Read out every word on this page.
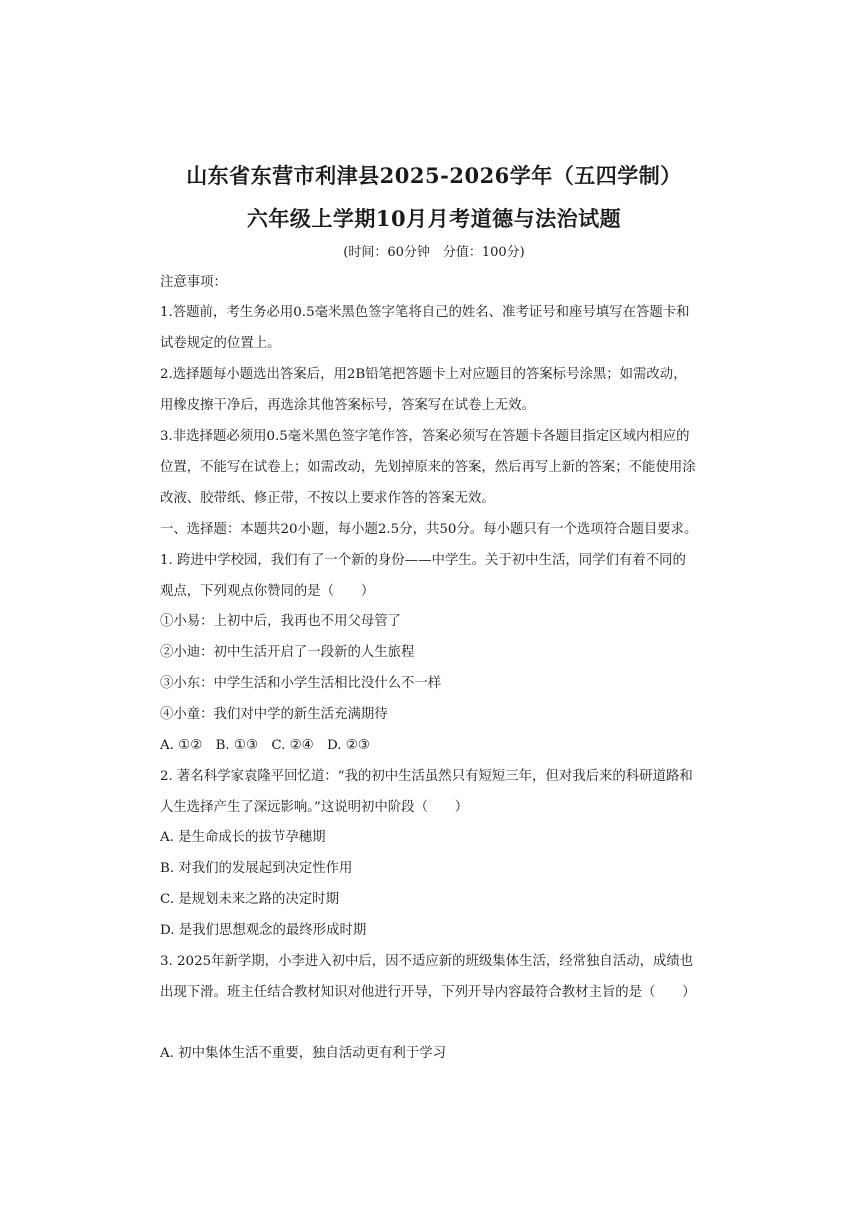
山东省东营市利津县2025-2026学年（五四学制）
六年级上学期10月月考道德与法治试题
(时间：60分钟　分值：100分)
注意事项：
1.答题前，考生务必用0.5毫米黑色签字笔将自己的姓名、准考证号和座号填写在答题卡和
试卷规定的位置上。
2.选择题每小题选出答案后，用2B铅笔把答题卡上对应题目的答案标号涂黑；如需改动，
用橡皮擦干净后，再选涂其他答案标号，答案写在试卷上无效。
3.非选择题必须用0.5毫米黑色签字笔作答，答案必须写在答题卡各题目指定区域内相应的
位置，不能写在试卷上；如需改动，先划掉原来的答案，然后再写上新的答案；不能使用涂
改液、胶带纸、修正带，不按以上要求作答的答案无效。
一、选择题：本题共20小题，每小题2.5分，共50分。每小题只有一个选项符合题目要求。
1. 跨进中学校园，我们有了一个新的身份——中学生。关于初中生活，同学们有着不同的
观点，下列观点你赞同的是（　　）
①小易：上初中后，我再也不用父母管了
②小迪：初中生活开启了一段新的人生旅程
③小东：中学生活和小学生活相比没什么不一样
④小童：我们对中学的新生活充满期待
A. ①②　B. ①③　C. ②④　D. ②③
2. 著名科学家袁隆平回忆道：“我的初中生活虽然只有短短三年，但对我后来的科研道路和
人生选择产生了深远影响。”这说明初中阶段（　　）
A. 是生命成长的拔节孕穗期
B. 对我们的发展起到决定性作用
C. 是规划未来之路的决定时期
D. 是我们思想观念的最终形成时期
3. 2025年新学期，小李进入初中后，因不适应新的班级集体生活，经常独自活动，成绩也
出现下滑。班主任结合教材知识对他进行开导，下列开导内容最符合教材主旨的是（　　）
A. 初中集体生活不重要，独自活动更有利于学习
